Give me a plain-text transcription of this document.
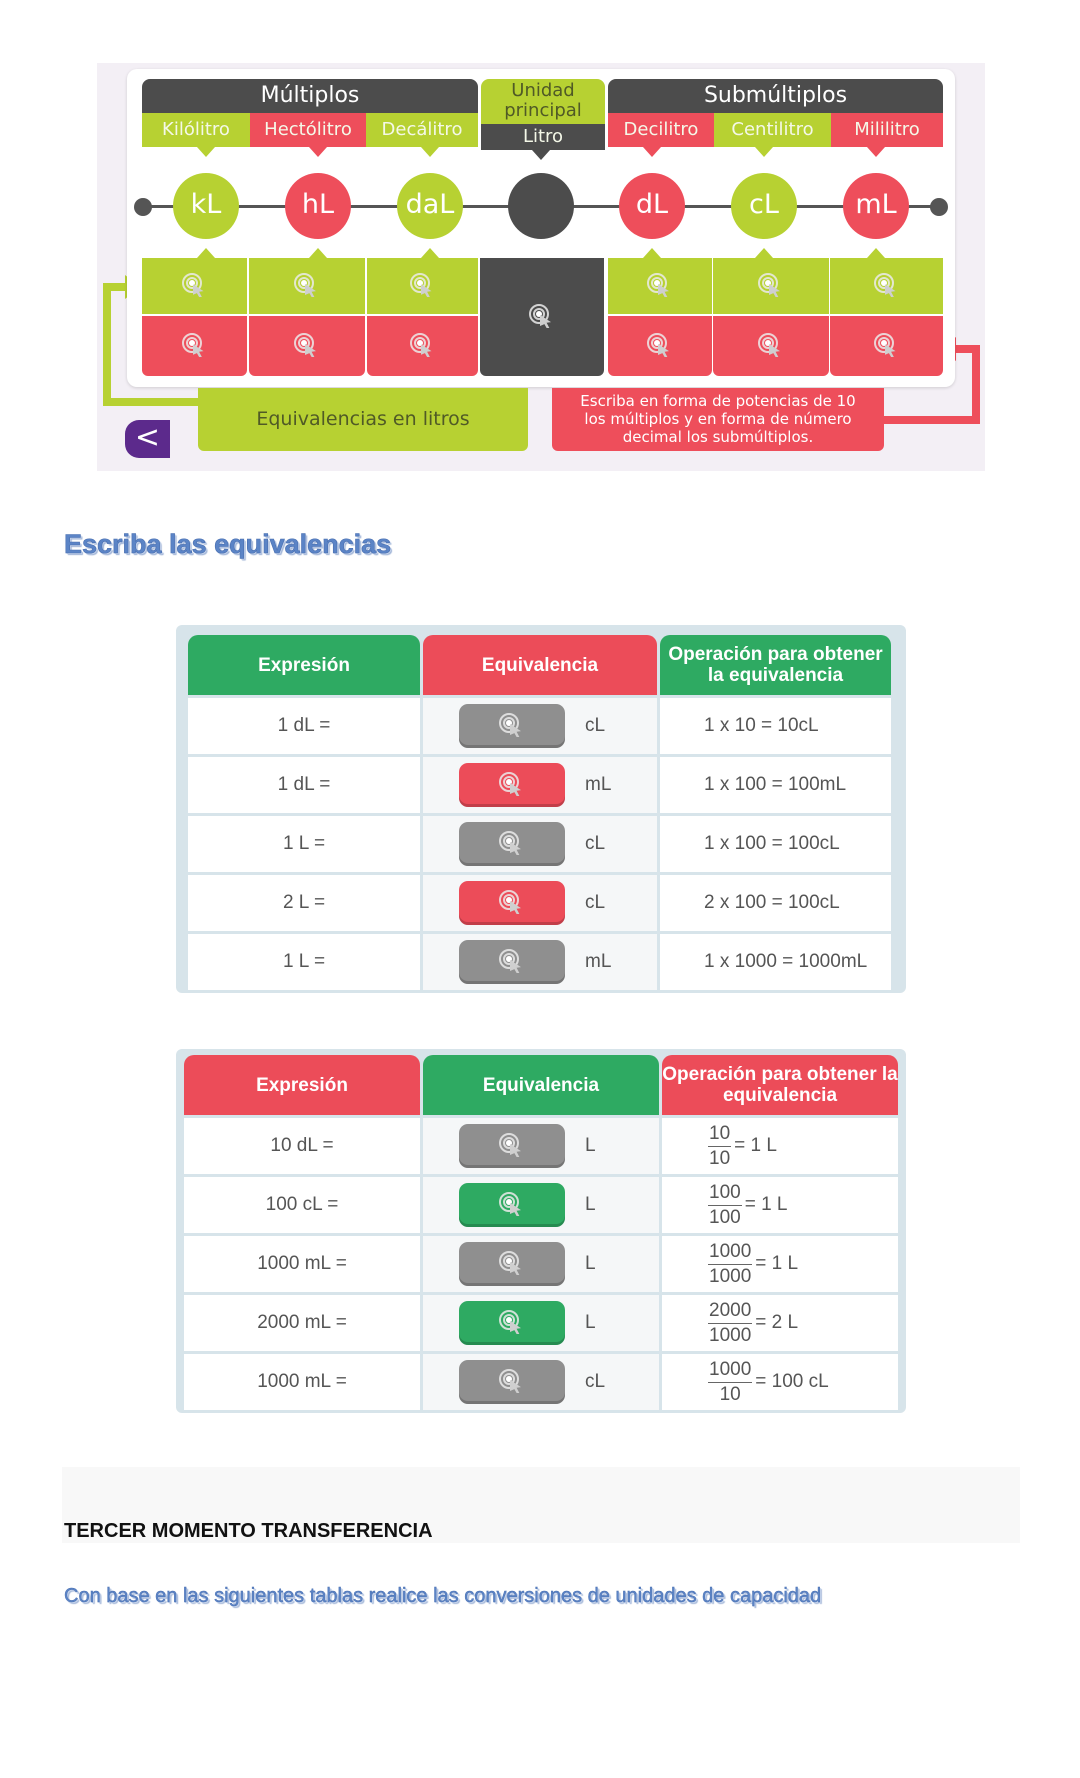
Múltiplos	Unidad principal
Submúltiplos
Kilólitro	Hectólitro	Decálitro	Litro	Decilitro	Centilitro	Mililitro
kL	hL	daL	dL	cL	mL
Equivalencias en litros
Escriba en forma de potencias de 10 los múltiplos y en forma de número decimal los submúltiplos.
<
Escriba las equivalencias
Expresión	Equivalencia	Operación para obtener la equivalencia
1 dL =	cL	1 x 10 = 10cL
1 dL =	mL	1 x 100 = 100mL
1 L =	cL	1 x 100 = 100cL
2 L =	cL	2 x 100 = 100cL
1 L =	mL	1 x 1000 = 1000mL
Expresión	Equivalencia	Operación para obtener la equivalencia
10 dL =	L	$\frac{10}{10} = 1$ L
100 cL =	L	$\frac{100}{100} = 1$ L
1000 mL =	L	$\frac{1000}{1000} = 1$ L
2000 mL =	L	$\frac{2000}{1000} = 2$ L
1000 mL =	cL	$\frac{1000}{10} = 100$ cL
TERCER MOMENTO TRANSFERENCIA
Con base en las siguientes tablas realice las conversiones de unidades de capacidad
